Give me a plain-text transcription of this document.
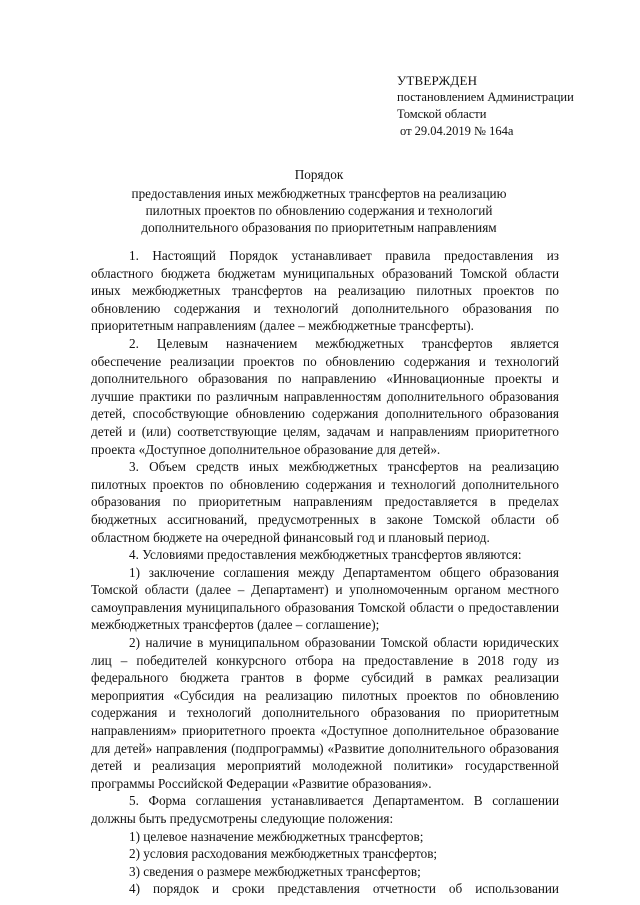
УТВЕРЖДЕН
постановлением Администрации
Томской области
от 29.04.2019 № 164а
Порядок
предоставления иных межбюджетных трансфертов на реализацию
пилотных проектов по обновлению содержания и технологий
дополнительного образования по приоритетным направлениям

1. Настоящий Порядок устанавливает правила предоставления из областного бюджета бюджетам муниципальных образований Томской области иных межбюджетных трансфертов на реализацию пилотных проектов по обновлению содержания и технологий дополнительного образования по приоритетным направлениям (далее – межбюджетные трансферты).

2. Целевым назначением межбюджетных трансфертов является обеспечение реализации проектов по обновлению содержания и технологий дополнительного образования по направлению «Инновационные проекты и лучшие практики по различным направленностям дополнительного образования детей, способствующие обновлению содержания дополнительного образования детей и (или) соответствующие целям, задачам и направлениям приоритетного проекта «Доступное дополнительное образование для детей».

3. Объем средств иных межбюджетных трансфертов на реализацию пилотных проектов по обновлению содержания и технологий дополнительного образования по приоритетным направлениям предоставляется в пределах бюджетных ассигнований, предусмотренных в законе Томской области об областном бюджете на очередной финансовый год и плановый период.

4. Условиями предоставления межбюджетных трансфертов являются:

1) заключение соглашения между Департаментом общего образования Томской области (далее – Департамент) и уполномоченным органом местного самоуправления муниципального образования Томской области о предоставлении межбюджетных трансфертов (далее – соглашение);

2) наличие в муниципальном образовании Томской области юридических лиц – победителей конкурсного отбора на предоставление в 2018 году из федерального бюджета грантов в форме субсидий в рамках реализации мероприятия «Субсидия на реализацию пилотных проектов по обновлению содержания и технологий дополнительного образования по приоритетным направлениям» приоритетного проекта «Доступное дополнительное образование для детей» направления (подпрограммы) «Развитие дополнительного образования детей и реализация мероприятий молодежной политики» государственной программы Российской Федерации «Развитие образования».

5. Форма соглашения устанавливается Департаментом. В соглашении должны быть предусмотрены следующие положения:

1) целевое назначение межбюджетных трансфертов;

2) условия расходования межбюджетных трансфертов;

3) сведения о размере межбюджетных трансфертов;

4) порядок и сроки представления отчетности об использовании
